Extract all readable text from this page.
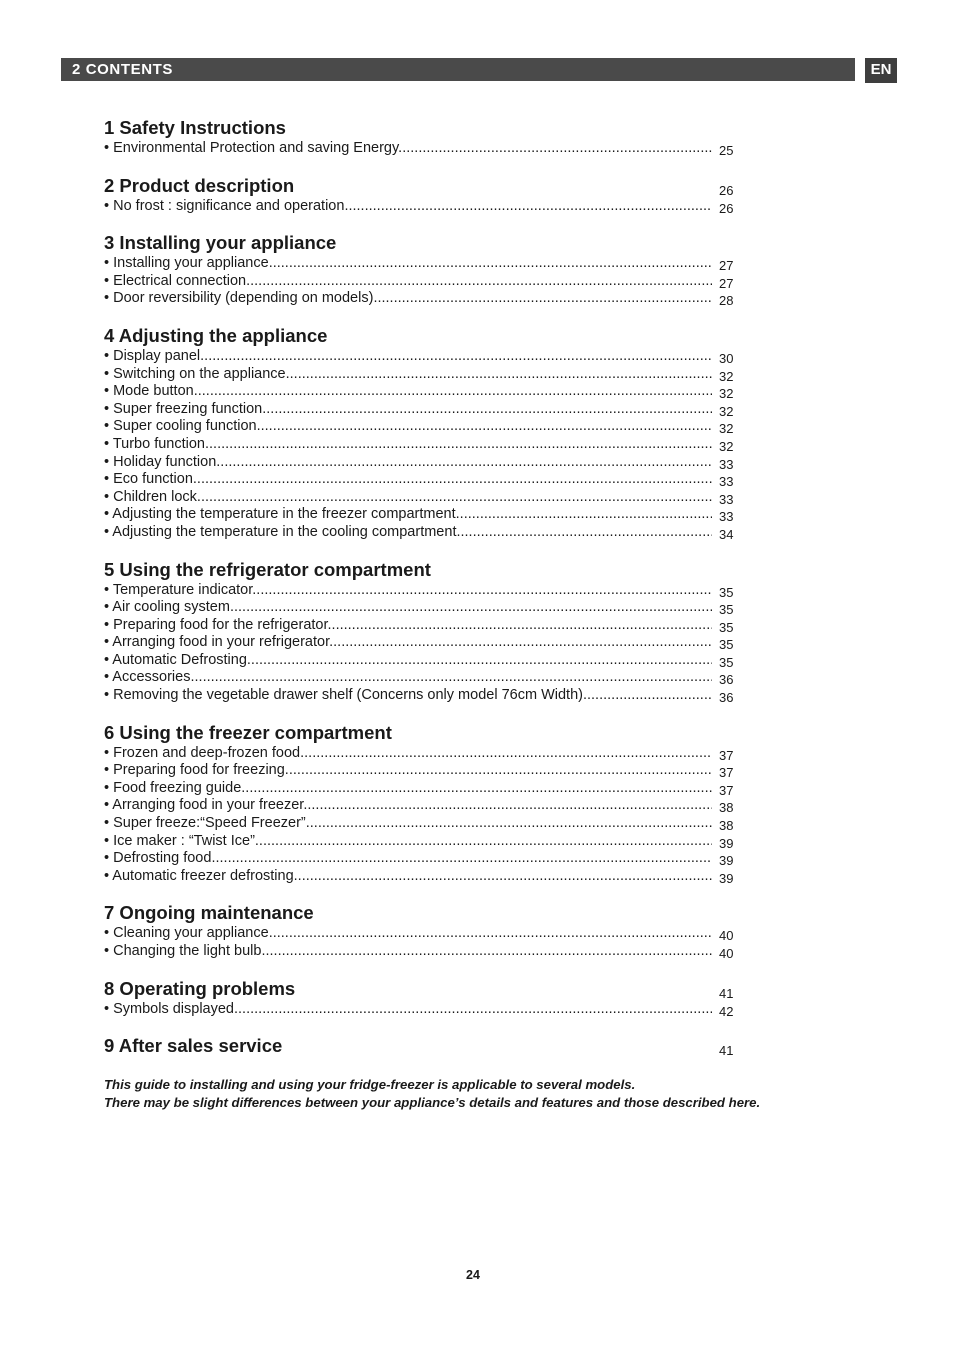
2 CONTENTS	EN
1 Safety Instructions
• Environmental Protection and saving Energy .....	25
2 Product description	26
• No frost : significance and operation .....	26
3 Installing your appliance
• Installing your appliance .....	27
• Electrical connection .....	27
• Door reversibility (depending on models) .....	28
4 Adjusting the appliance
• Display panel .....	30
• Switching on the appliance .....	32
• Mode button .....	32
• Super freezing function .....	32
• Super cooling function .....	32
• Turbo function .....	32
• Holiday function .....	33
• Eco function .....	33
• Children lock .....	33
• Adjusting the temperature in the freezer compartment .....	33
• Adjusting the temperature in the cooling compartment .....	34
5 Using the refrigerator compartment
• Temperature indicator .....	35
• Air cooling system .....	35
• Preparing food for the refrigerator .....	35
• Arranging food in your refrigerator .....	35
• Automatic Defrosting .....	35
• Accessories .....	36
• Removing the vegetable drawer shelf (Concerns only model 76cm Width) .....	36
6 Using the freezer compartment
• Frozen and deep-frozen food .....	37
• Preparing food for freezing .....	37
• Food freezing guide .....	37
• Arranging food in your freezer .....	38
• Super freeze:“Speed Freezer” .....	38
• Ice maker : “Twist Ice” .....	39
• Defrosting food .....	39
• Automatic freezer defrosting .....	39
7 Ongoing maintenance
• Cleaning your appliance .....	40
• Changing the light bulb .....	40
8 Operating problems	41
• Symbols displayed .....	42
9 After sales service	41
This guide to installing and using your fridge-freezer is applicable to several models.
There may be slight differences between your appliance’s details and features and those described here.
24
